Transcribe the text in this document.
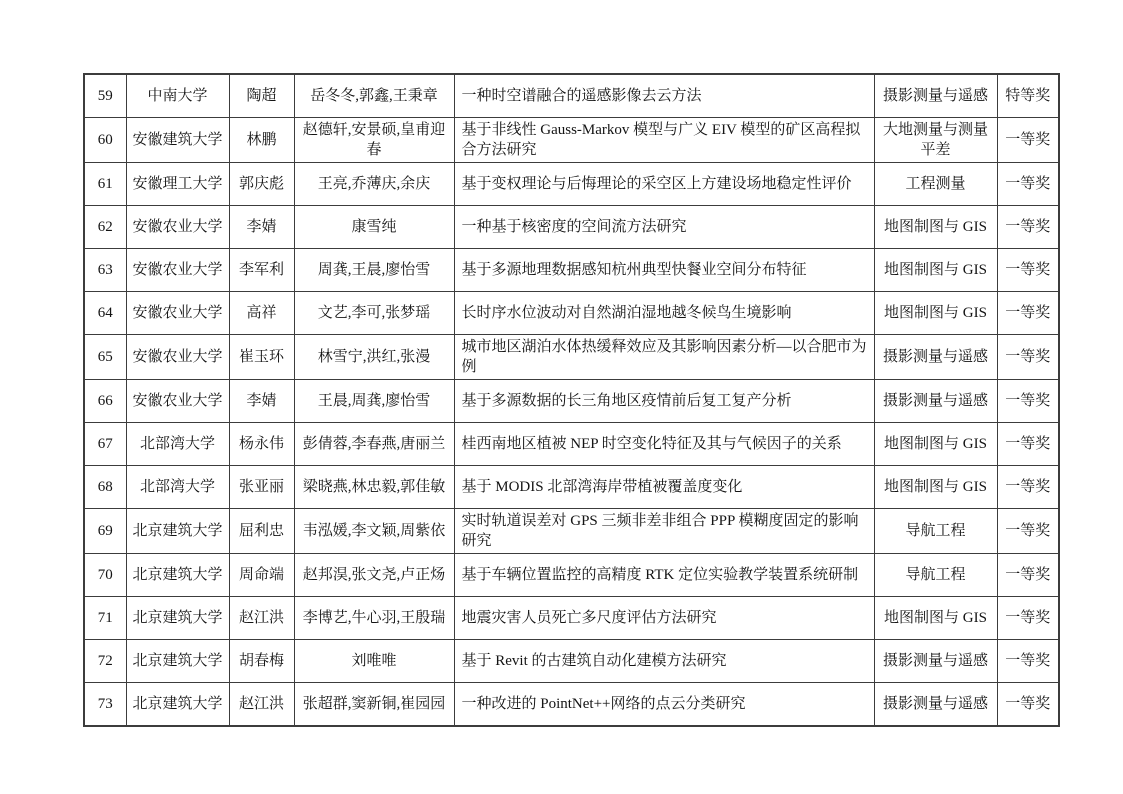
59	中南大学	陶超	岳冬冬,郭鑫,王秉章	一种时空谱融合的遥感影像去云方法	摄影测量与遥感	特等奖
60	安徽建筑大学	林鹏	赵德轩,安景硕,皇甫迎春	基于非线性 Gauss-Markov 模型与广义 EIV 模型的矿区高程拟合方法研究	大地测量与测量平差	一等奖
61	安徽理工大学	郭庆彪	王亮,乔薄庆,余庆	基于变权理论与后悔理论的采空区上方建设场地稳定性评价	工程测量	一等奖
62	安徽农业大学	李婧	康雪纯	一种基于核密度的空间流方法研究	地图制图与 GIS	一等奖
63	安徽农业大学	李军利	周龚,王晨,廖怡雪	基于多源地理数据感知杭州典型快餐业空间分布特征	地图制图与 GIS	一等奖
64	安徽农业大学	高祥	文艺,李可,张梦瑶	长时序水位波动对自然湖泊湿地越冬候鸟生境影响	地图制图与 GIS	一等奖
65	安徽农业大学	崔玉环	林雪宁,洪红,张漫	城市地区湖泊水体热缓释效应及其影响因素分析—以合肥市为例	摄影测量与遥感	一等奖
66	安徽农业大学	李婧	王晨,周龚,廖怡雪	基于多源数据的长三角地区疫情前后复工复产分析	摄影测量与遥感	一等奖
67	北部湾大学	杨永伟	彭倩蓉,李春燕,唐丽兰	桂西南地区植被 NEP 时空变化特征及其与气候因子的关系	地图制图与 GIS	一等奖
68	北部湾大学	张亚丽	梁晓燕,林忠毅,郭佳敏	基于 MODIS 北部湾海岸带植被覆盖度变化	地图制图与 GIS	一等奖
69	北京建筑大学	屈利忠	韦泓媛,李文颖,周紫依	实时轨道误差对 GPS 三频非差非组合 PPP 模糊度固定的影响研究	导航工程	一等奖
70	北京建筑大学	周命端	赵邦淏,张文尧,卢正炀	基于车辆位置监控的高精度 RTK 定位实验教学装置系统研制	导航工程	一等奖
71	北京建筑大学	赵江洪	李博艺,牛心羽,王殷瑞	地震灾害人员死亡多尺度评估方法研究	地图制图与 GIS	一等奖
72	北京建筑大学	胡春梅	刘唯唯	基于 Revit 的古建筑自动化建模方法研究	摄影测量与遥感	一等奖
73	北京建筑大学	赵江洪	张超群,窦新铜,崔园园	一种改进的 PointNet++网络的点云分类研究	摄影测量与遥感	一等奖
